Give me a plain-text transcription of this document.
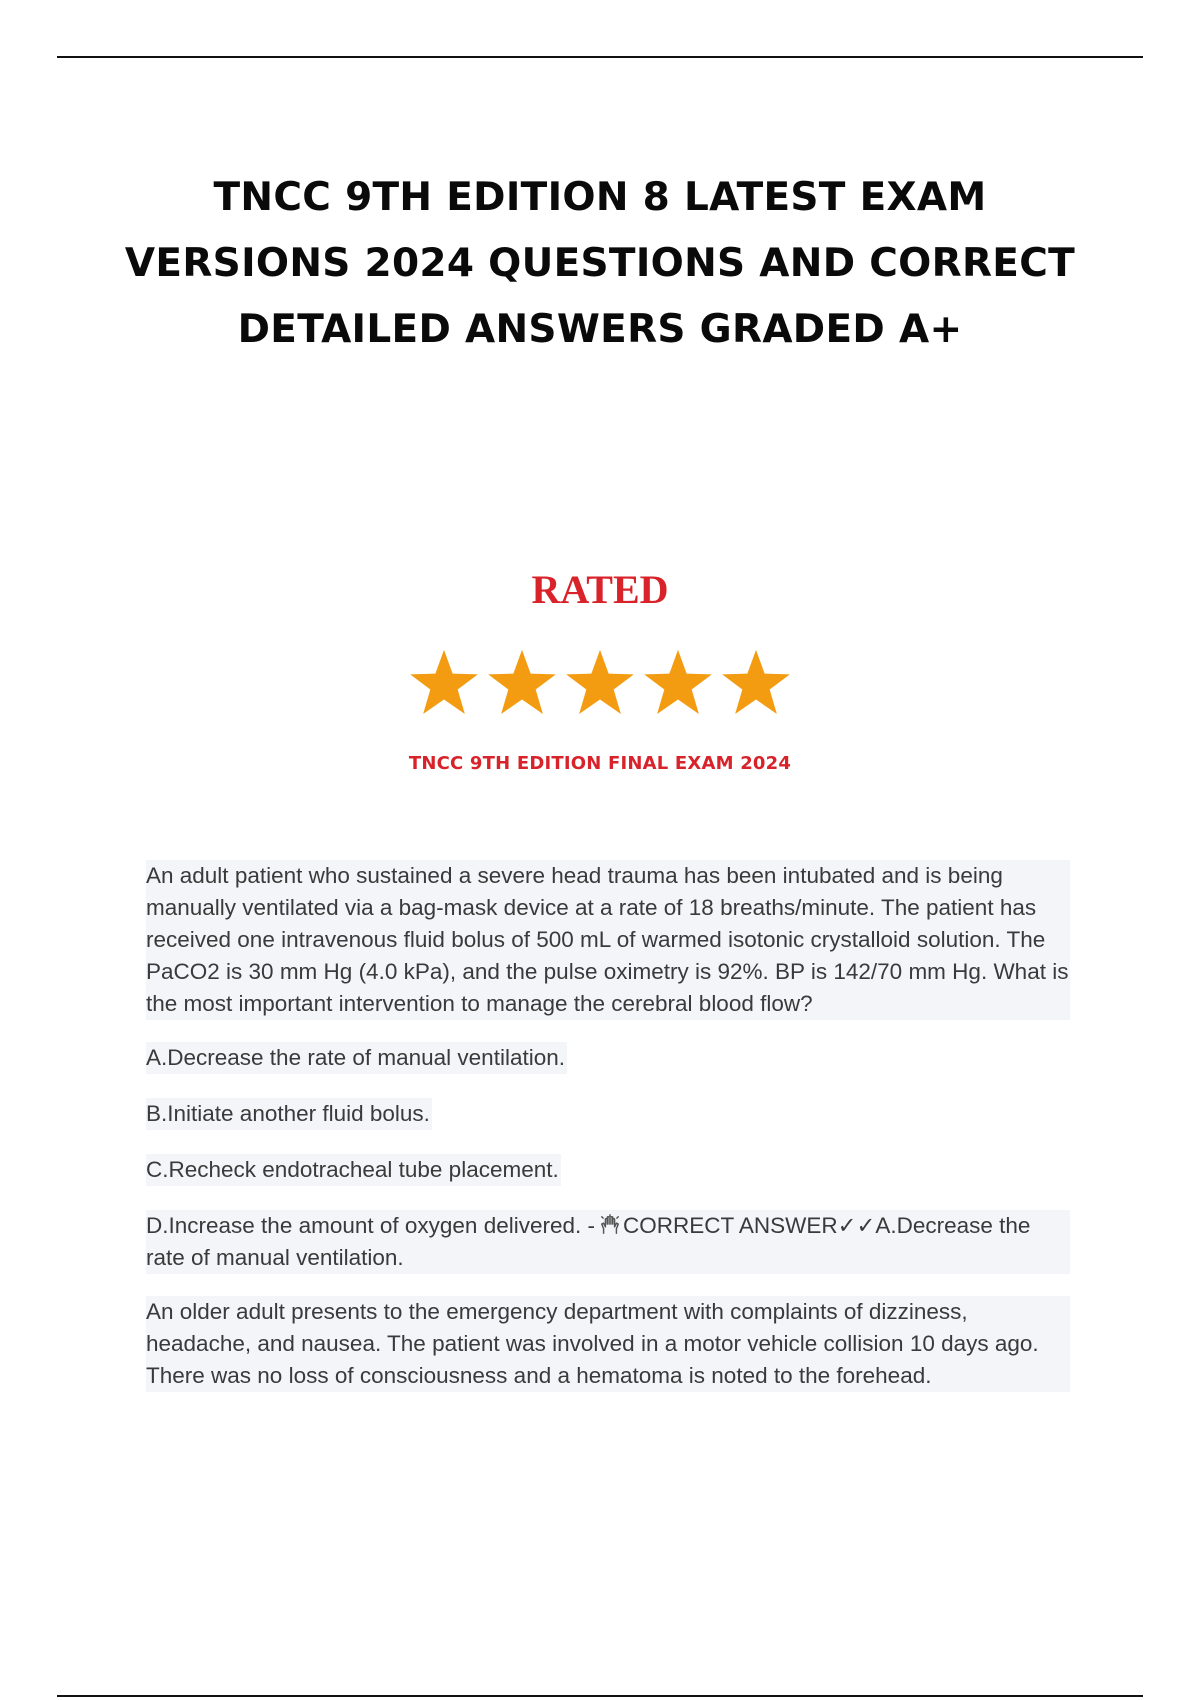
TNCC 9TH EDITION 8 LATEST EXAM VERSIONS 2024 QUESTIONS AND CORRECT DETAILED ANSWERS GRADED A+
RATED
TNCC 9TH EDITION FINAL EXAM 2024

An adult patient who sustained a severe head trauma has been intubated and is being manually ventilated via a bag-mask device at a rate of 18 breaths/minute. The patient has received one intravenous fluid bolus of 500 mL of warmed isotonic crystalloid solution. The PaCO2 is 30 mm Hg (4.0 kPa), and the pulse oximetry is 92%. BP is 142/70 mm Hg. What is the most important intervention to manage the cerebral blood flow?

A.Decrease the rate of manual ventilation.
B.Initiate another fluid bolus.
C.Recheck endotracheal tube placement.

D.Increase the amount of oxygen delivered. - CORRECT ANSWER✓✓A.Decrease the rate of manual ventilation.

An older adult presents to the emergency department with complaints of dizziness, headache, and nausea. The patient was involved in a motor vehicle collision 10 days ago. There was no loss of consciousness and a hematoma is noted to the forehead.
